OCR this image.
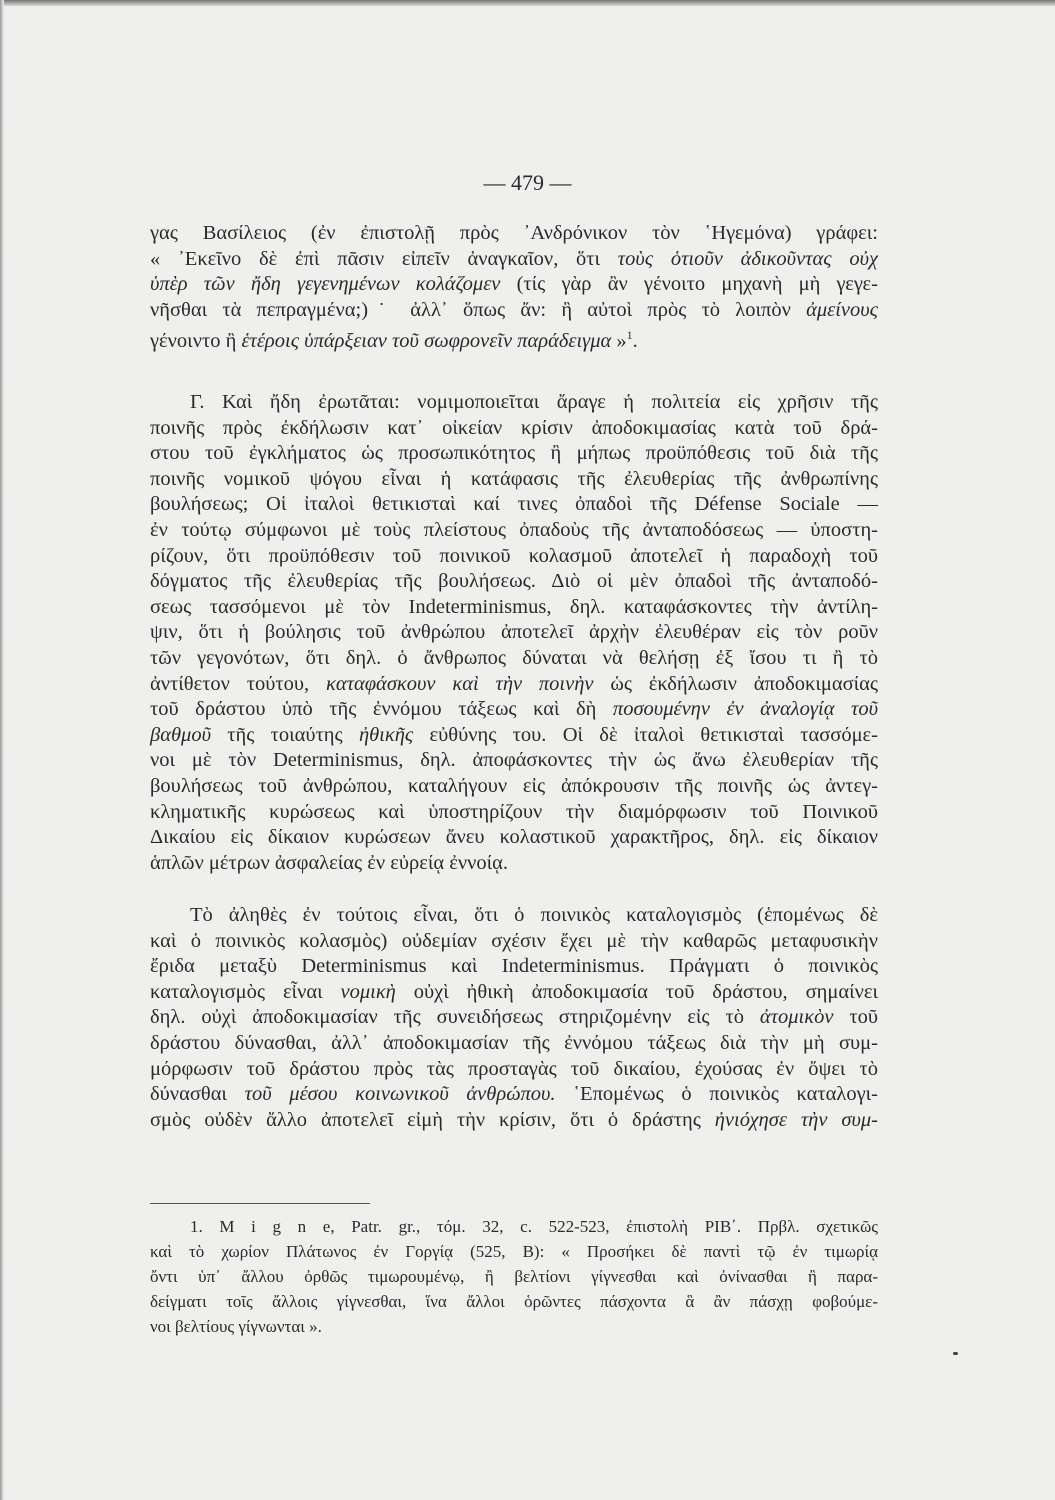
— 479 —
γας Βασίλειος (ἐν ἐπιστολῇ πρὸς ᾿Ανδρόνικον τὸν ῾Ηγεμόνα) γράφει:
« ᾿Εκεῖνο δὲ ἐπὶ πᾶσιν εἰπεῖν ἀναγκαῖον, ὅτι τοὺς ὁτιοῦν ἀδικοῦντας οὐχ
ὑπὲρ τῶν ἤδη γεγενημένων κολάζομεν (τίς γὰρ ἂν γένοιτο μηχανὴ μὴ γεγε-
νῆσθαι τὰ πεπραγμένα;)˙ ἀλλ᾿ ὅπως ἄν: ἢ αὐτοὶ πρὸς τὸ λοιπὸν ἀμείνους
γένοιντο ἢ ἑτέροις ὑπάρξειαν τοῦ σωφρονεῖν παράδειγμα »$^1$.
Γ. Καὶ ἤδη ἐρωτᾶται: νομιμοποιεῖται ἄραγε ἡ πολιτεία εἰς χρῆσιν τῆς
ποινῆς πρὸς ἐκδήλωσιν κατ᾿ οἰκείαν κρίσιν ἀποδοκιμασίας κατὰ τοῦ δρά-
στου τοῦ ἐγκλήματος ὡς προσωπικότητος ἢ μήπως προϋπόθεσις τοῦ διὰ τῆς
ποινῆς νομικοῦ ψόγου εἶναι ἡ κατάφασις τῆς ἐλευθερίας τῆς ἀνθρωπίνης
βουλήσεως; Οἱ ἰταλοὶ θετικισταὶ καί τινες ὀπαδοὶ τῆς Défense Sociale —
ἐν τούτῳ σύμφωνοι μὲ τοὺς πλείστους ὀπαδοὺς τῆς ἀνταποδόσεως — ὑποστη-
ρίζουν, ὅτι προϋπόθεσιν τοῦ ποινικοῦ κολασμοῦ ἀποτελεῖ ἡ παραδοχὴ τοῦ
δόγματος τῆς ἐλευθερίας τῆς βουλήσεως. Διὸ οἱ μὲν ὀπαδοὶ τῆς ἀνταποδό-
σεως τασσόμενοι μὲ τὸν Indeterminismus, δηλ. καταφάσκοντες τὴν ἀντίλη-
ψιν, ὅτι ἡ βούλησις τοῦ ἀνθρώπου ἀποτελεῖ ἀρχὴν ἐλευθέραν εἰς τὸν ροῦν
τῶν γεγονότων, ὅτι δηλ. ὁ ἄνθρωπος δύναται νὰ θελήσῃ ἐξ ἴσου τι ἢ τὸ
ἀντίθετον τούτου, καταφάσκουν καὶ τὴν ποινὴν ὡς ἐκδήλωσιν ἀποδοκιμασίας
τοῦ δράστου ὑπὸ τῆς ἐννόμου τάξεως καὶ δὴ ποσουμένην ἐν ἀναλογίᾳ τοῦ
βαθμοῦ τῆς τοιαύτης ἠθικῆς εὐθύνης του. Οἱ δὲ ἰταλοὶ θετικισταὶ τασσόμε-
νοι μὲ τὸν Determinismus, δηλ. ἀποφάσκοντες τὴν ὡς ἄνω ἐλευθερίαν τῆς
βουλήσεως τοῦ ἀνθρώπου, καταλήγουν εἰς ἀπόκρουσιν τῆς ποινῆς ὡς ἀντεγ-
κληματικῆς κυρώσεως καὶ ὑποστηρίζουν τὴν διαμόρφωσιν τοῦ Ποινικοῦ
Δικαίου εἰς δίκαιον κυρώσεων ἄνευ κολαστικοῦ χαρακτῆρος, δηλ. εἰς δίκαιον
ἁπλῶν μέτρων ἀσφαλείας ἐν εὐρείᾳ ἐννοίᾳ.
Τὸ ἀληθὲς ἐν τούτοις εἶναι, ὅτι ὁ ποινικὸς καταλογισμὸς (ἑπομένως δὲ
καὶ ὁ ποινικὸς κολασμὸς) οὐδεμίαν σχέσιν ἔχει μὲ τὴν καθαρῶς μεταφυσικὴν
ἔριδα μεταξὺ Determinismus καὶ Indeterminismus. Πράγματι ὁ ποινικὸς
καταλογισμὸς εἶναι νομικὴ οὐχὶ ἠθικὴ ἀποδοκιμασία τοῦ δράστου, σημαίνει
δηλ. οὐχὶ ἀποδοκιμασίαν τῆς συνειδήσεως στηριζομένην εἰς τὸ ἀτομικὸν τοῦ
δράστου δύνασθαι, ἀλλ᾿ ἀποδοκιμασίαν τῆς ἐννόμου τάξεως διὰ τὴν μὴ συμ-
μόρφωσιν τοῦ δράστου πρὸς τὰς προσταγὰς τοῦ δικαίου, ἐχούσας ἐν ὄψει τὸ
δύνασθαι τοῦ μέσου κοινωνικοῦ ἀνθρώπου. ῾Επομένως ὁ ποινικὸς καταλογι-
σμὸς οὐδὲν ἄλλο ἀποτελεῖ εἰμὴ τὴν κρίσιν, ὅτι ὁ δράστης ἠνιόχησε τὴν συμ-
1. M i g n e, Patr. gr., τόμ. 32, c. 522-523, ἐπιστολὴ ΡΙΒ΄. Πρβλ. σχετικῶς
καὶ τὸ χωρίον Πλάτωνος ἐν Γοργίᾳ (525, Β): « Προσήκει δὲ παντὶ τῷ ἐν τιμωρίᾳ
ὄντι ὑπ᾿ ἄλλου ὀρθῶς τιμωρουμένῳ, ἢ βελτίονι γίγνεσθαι καὶ ὀνίνασθαι ἢ παρα-
δείγματι τοῖς ἄλλοις γίγνεσθαι, ἵνα ἄλλοι ὁρῶντες πάσχοντα ἃ ἂν πάσχῃ φοβούμε-
νοι βελτίους γίγνωνται ».
